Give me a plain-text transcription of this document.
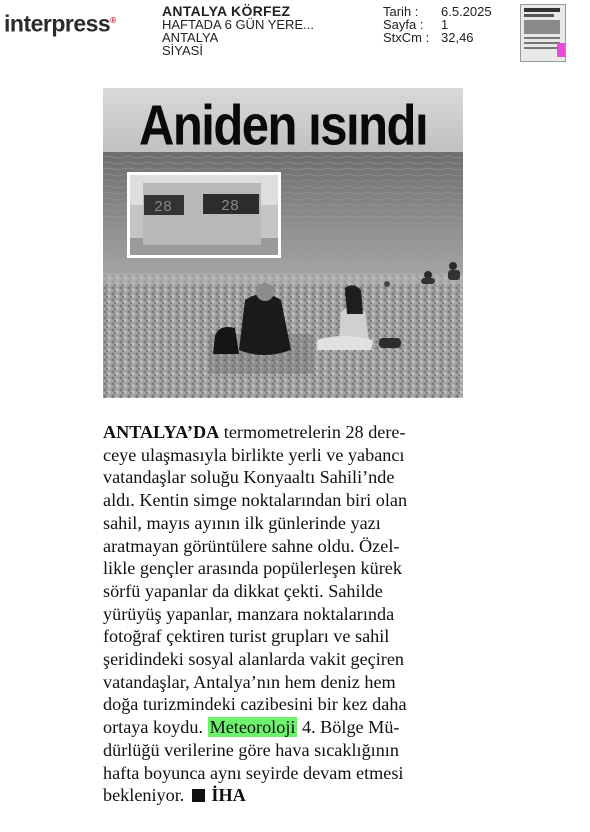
interpress®
ANTALYA KÖRFEZ
HAFTADA 6 GÜN YERE...
ANTALYA
SİYASİ
Tarih :	6.5.2025
Sayfa :	1
StxCm : 32,46
28	28
Aniden ısındı
ANTALYA’DA termometrelerin 28 dere-
ceye ulaşmasıyla birlikte yerli ve yabancı
vatandaşlar soluğu Konyaaltı Sahili’nde
aldı. Kentin simge noktalarından biri olan
sahil, mayıs ayının ilk günlerinde yazı
aratmayan görüntülere sahne oldu. Özel-
likle gençler arasında popülerleşen kürek
sörfü yapanlar da dikkat çekti. Sahilde
yürüyüş yapanlar, manzara noktalarında
fotoğraf çektiren turist grupları ve sahil
şeridindeki sosyal alanlarda vakit geçiren
vatandaşlar, Antalya’nın hem deniz hem
doğa turizmindeki cazibesini bir kez daha
ortaya koydu. Meteoroloji 4. Bölge Mü-
dürlüğü verilerine göre hava sıcaklığının
hafta boyunca aynı seyirde devam etmesi
bekleniyor. İHA
